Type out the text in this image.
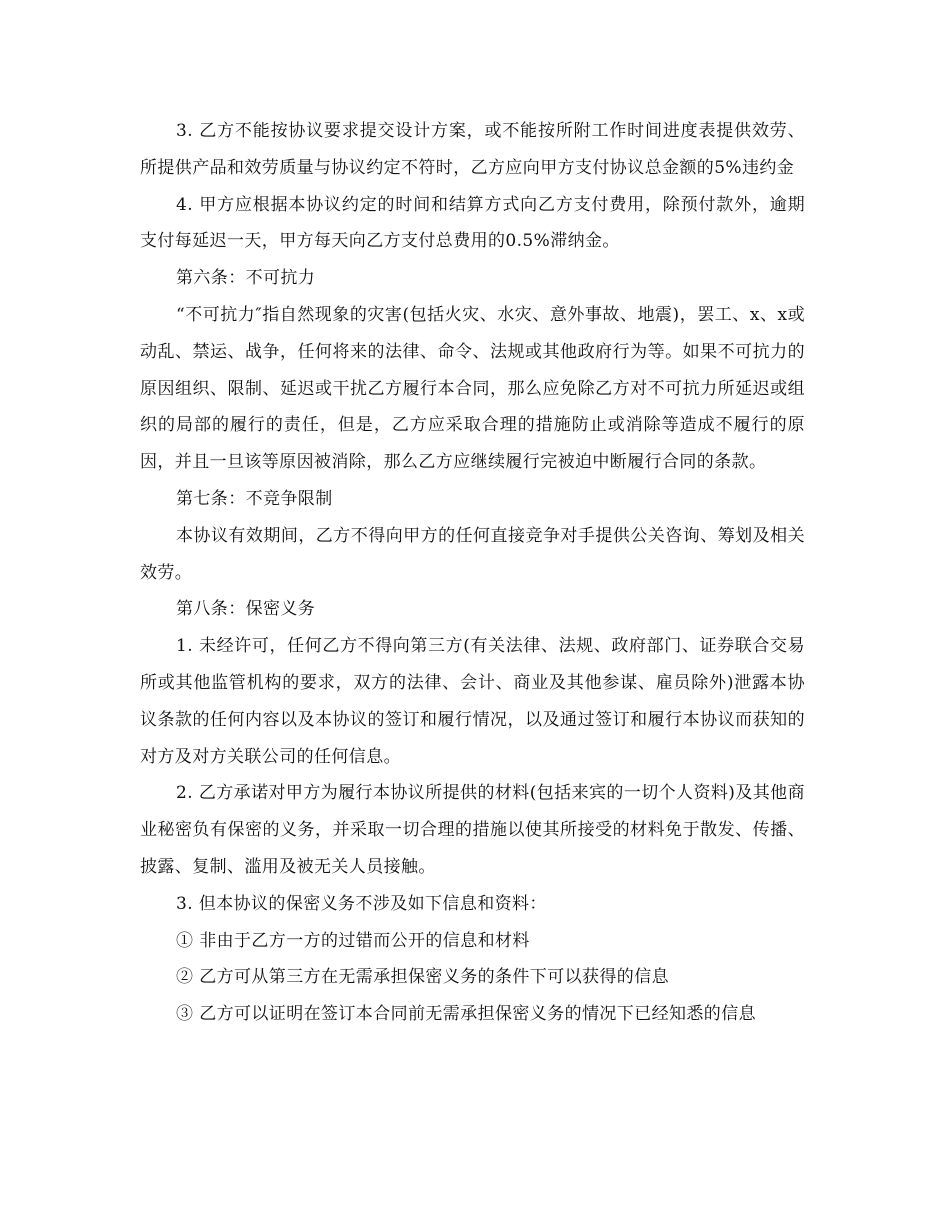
3. 乙方不能按协议要求提交设计方案，或不能按所附工作时间进度表提供效劳、所提供产品和效劳质量与协议约定不符时，乙方应向甲方支付协议总金额的5%违约金

4. 甲方应根据本协议约定的时间和结算方式向乙方支付费用，除预付款外，逾期支付每延迟一天，甲方每天向乙方支付总费用的0.5%滞纳金。

第六条：不可抗力

“不可抗力″指自然现象的灾害(包括火灾、水灾、意外事故、地震)，罢工、x、x或动乱、禁运、战争，任何将来的法律、命令、法规或其他政府行为等。如果不可抗力的原因组织、限制、延迟或干扰乙方履行本合同，那么应免除乙方对不可抗力所延迟或组织的局部的履行的责任，但是，乙方应采取合理的措施防止或消除等造成不履行的原因，并且一旦该等原因被消除，那么乙方应继续履行完被迫中断履行合同的条款。

第七条：不竞争限制

本协议有效期间，乙方不得向甲方的任何直接竞争对手提供公关咨询、筹划及相关效劳。

第八条：保密义务

1. 未经许可，任何乙方不得向第三方(有关法律、法规、政府部门、证券联合交易所或其他监管机构的要求，双方的法律、会计、商业及其他参谋、雇员除外)泄露本协议条款的任何内容以及本协议的签订和履行情况，以及通过签订和履行本协议而获知的对方及对方关联公司的任何信息。

2. 乙方承诺对甲方为履行本协议所提供的材料(包括来宾的一切个人资料)及其他商业秘密负有保密的义务，并采取一切合理的措施以使其所接受的材料免于散发、传播、披露、复制、滥用及被无关人员接触。

3. 但本协议的保密义务不涉及如下信息和资料：

① 非由于乙方一方的过错而公开的信息和材料

② 乙方可从第三方在无需承担保密义务的条件下可以获得的信息

③ 乙方可以证明在签订本合同前无需承担保密义务的情况下已经知悉的信息
